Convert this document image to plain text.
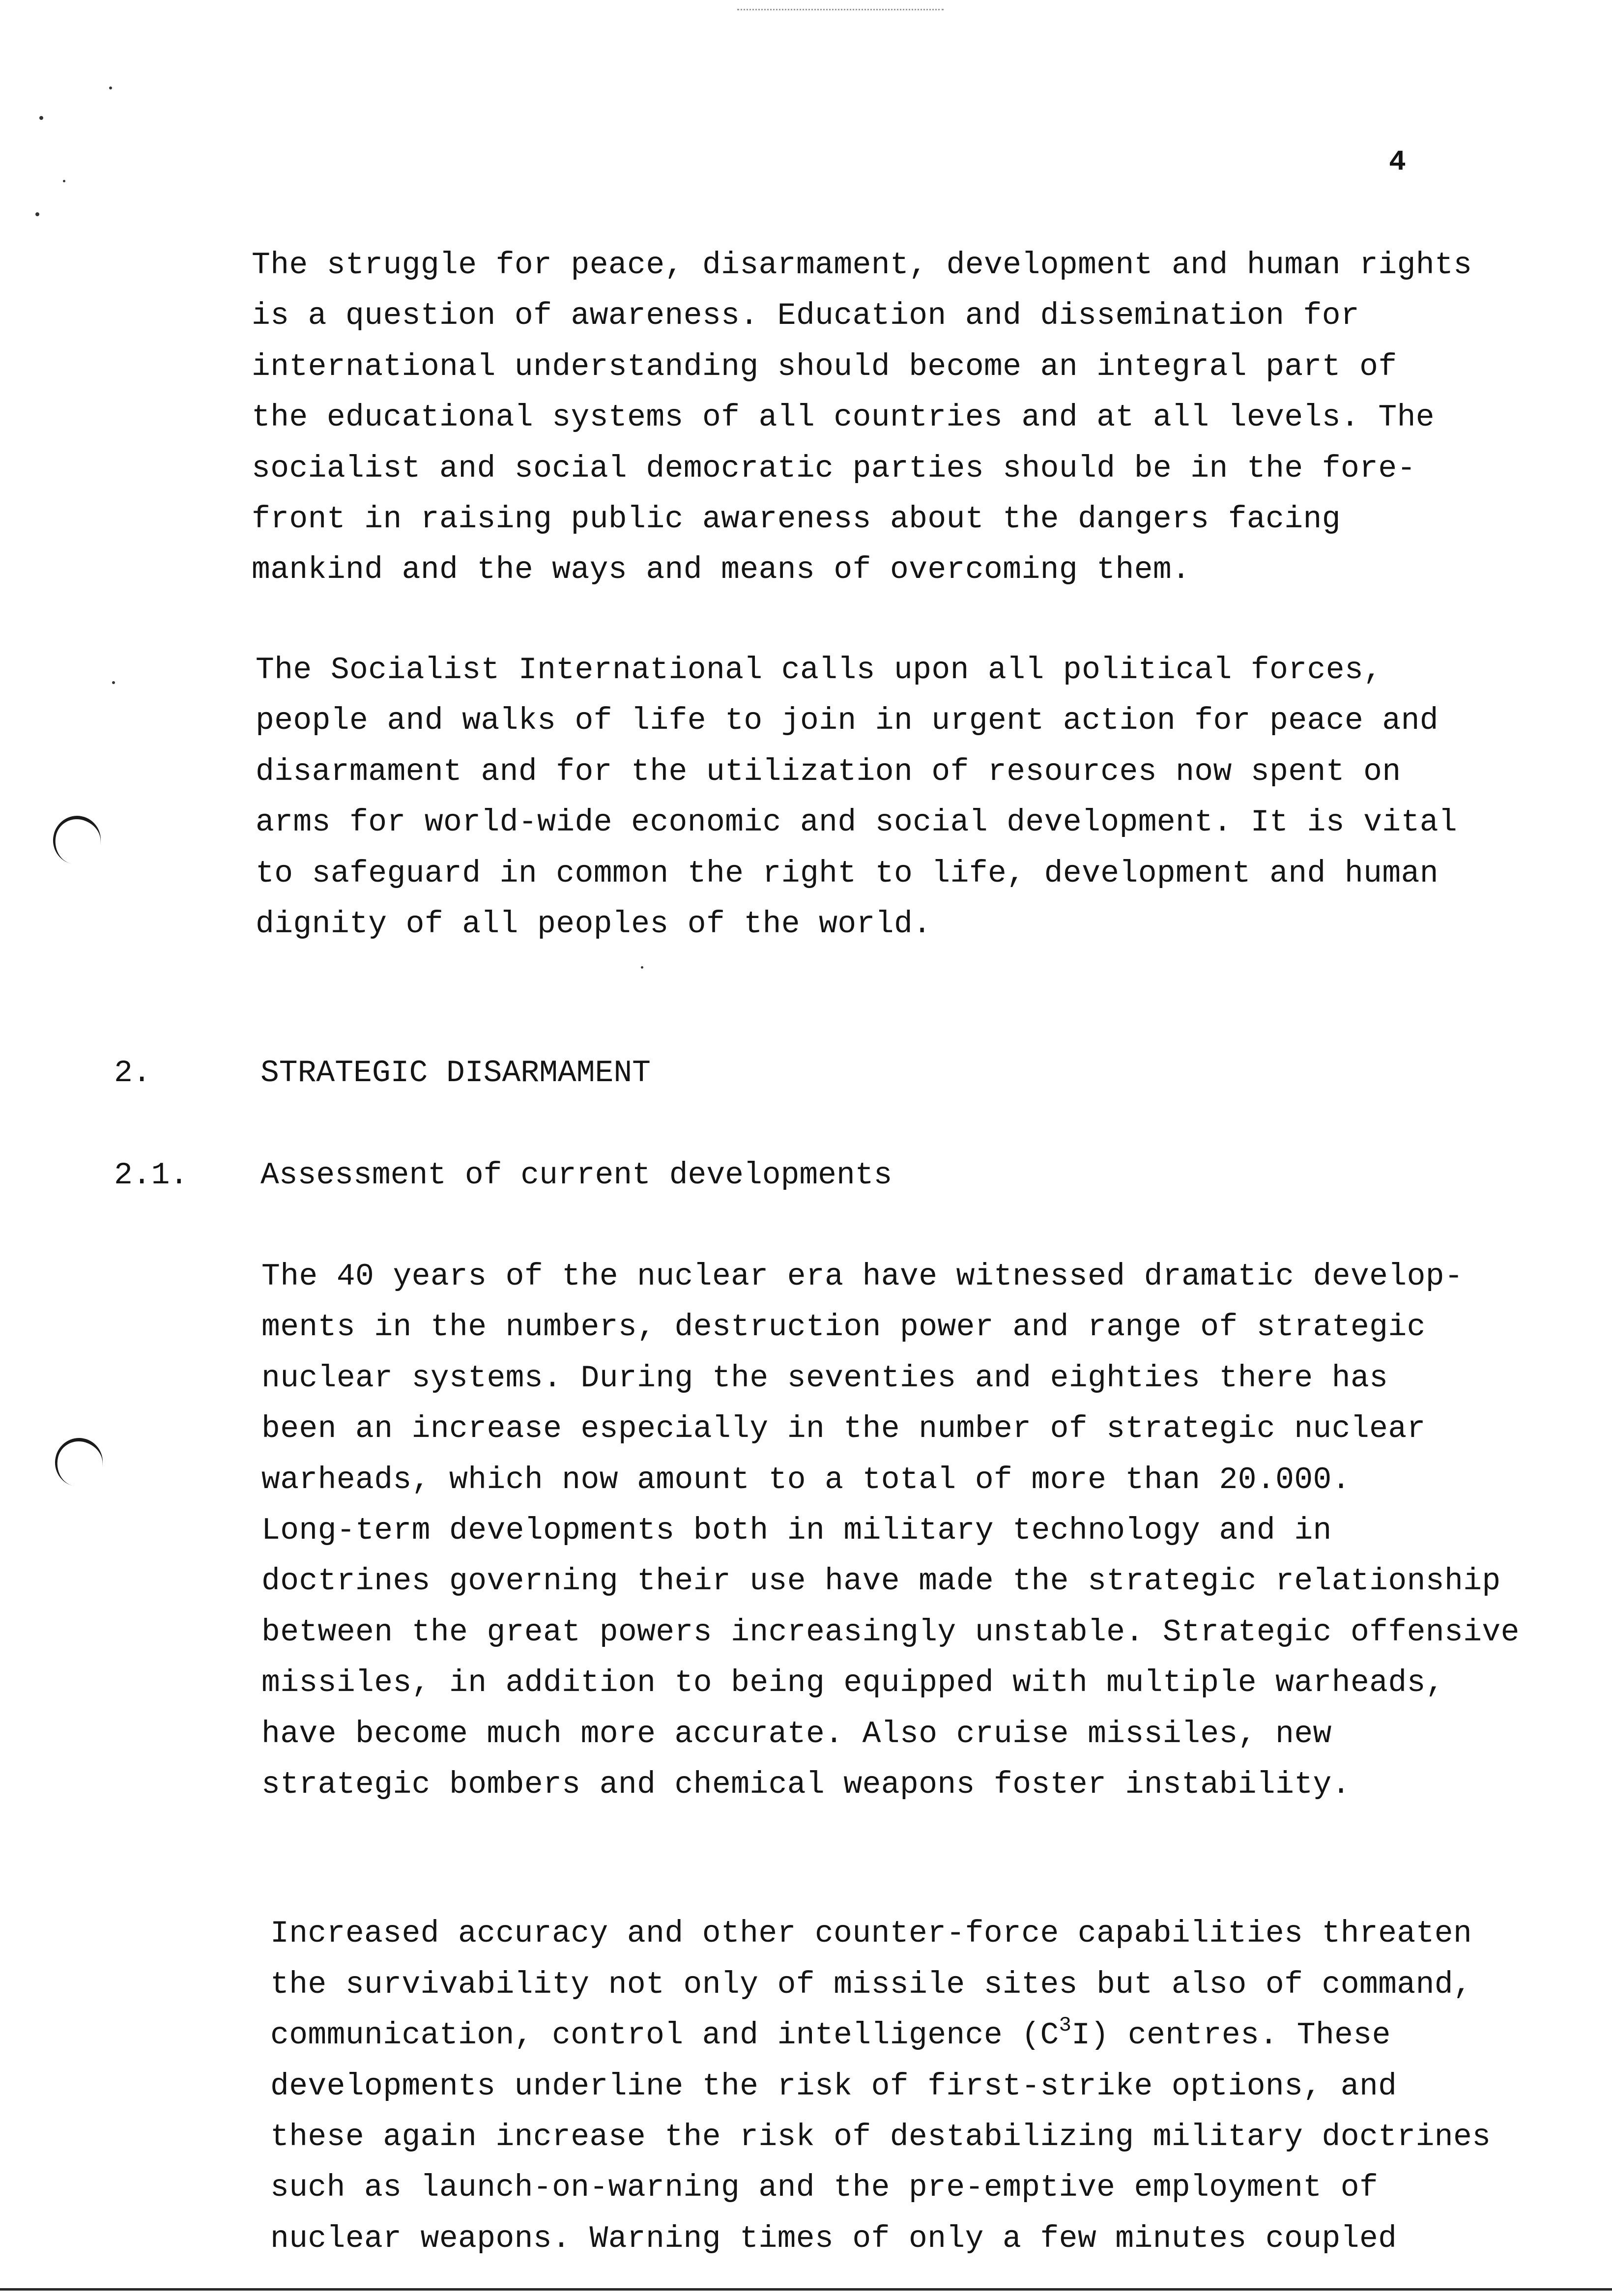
4

The struggle for peace, disarmament, development and human rights
is a question of awareness. Education and dissemination for
international understanding should become an integral part of
the educational systems of all countries and at all levels. The
socialist and social democratic parties should be in the fore-
front in raising public awareness about the dangers facing
mankind and the ways and means of overcoming them.

The Socialist International calls upon all political forces,
people and walks of life to join in urgent action for peace and
disarmament and for the utilization of resources now spent on
arms for world-wide economic and social development. It is vital
to safeguard in common the right to life, development and human
dignity of all peoples of the world.

2.	STRATEGIC DISARMAMENT
2.1. Assessment of current developments

The 40 years of the nuclear era have witnessed dramatic develop-
ments in the numbers, destruction power and range of strategic
nuclear systems. During the seventies and eighties there has
been an increase especially in the number of strategic nuclear
warheads, which now amount to a total of more than 20.000.
Long-term developments both in military technology and in
doctrines governing their use have made the strategic relationship
between the great powers increasingly unstable. Strategic offensive
missiles, in addition to being equipped with multiple warheads,
have become much more accurate. Also cruise missiles, new
strategic bombers and chemical weapons foster instability.

Increased accuracy and other counter-force capabilities threaten
the survivability not only of missile sites but also of command,
communication, control and intelligence $(C^3I)$ centres. These
developments underline the risk of first-strike options, and
these again increase the risk of destabilizing military doctrines
such as launch-on-warning and the pre-emptive employment of
nuclear weapons. Warning times of only a few minutes coupled
